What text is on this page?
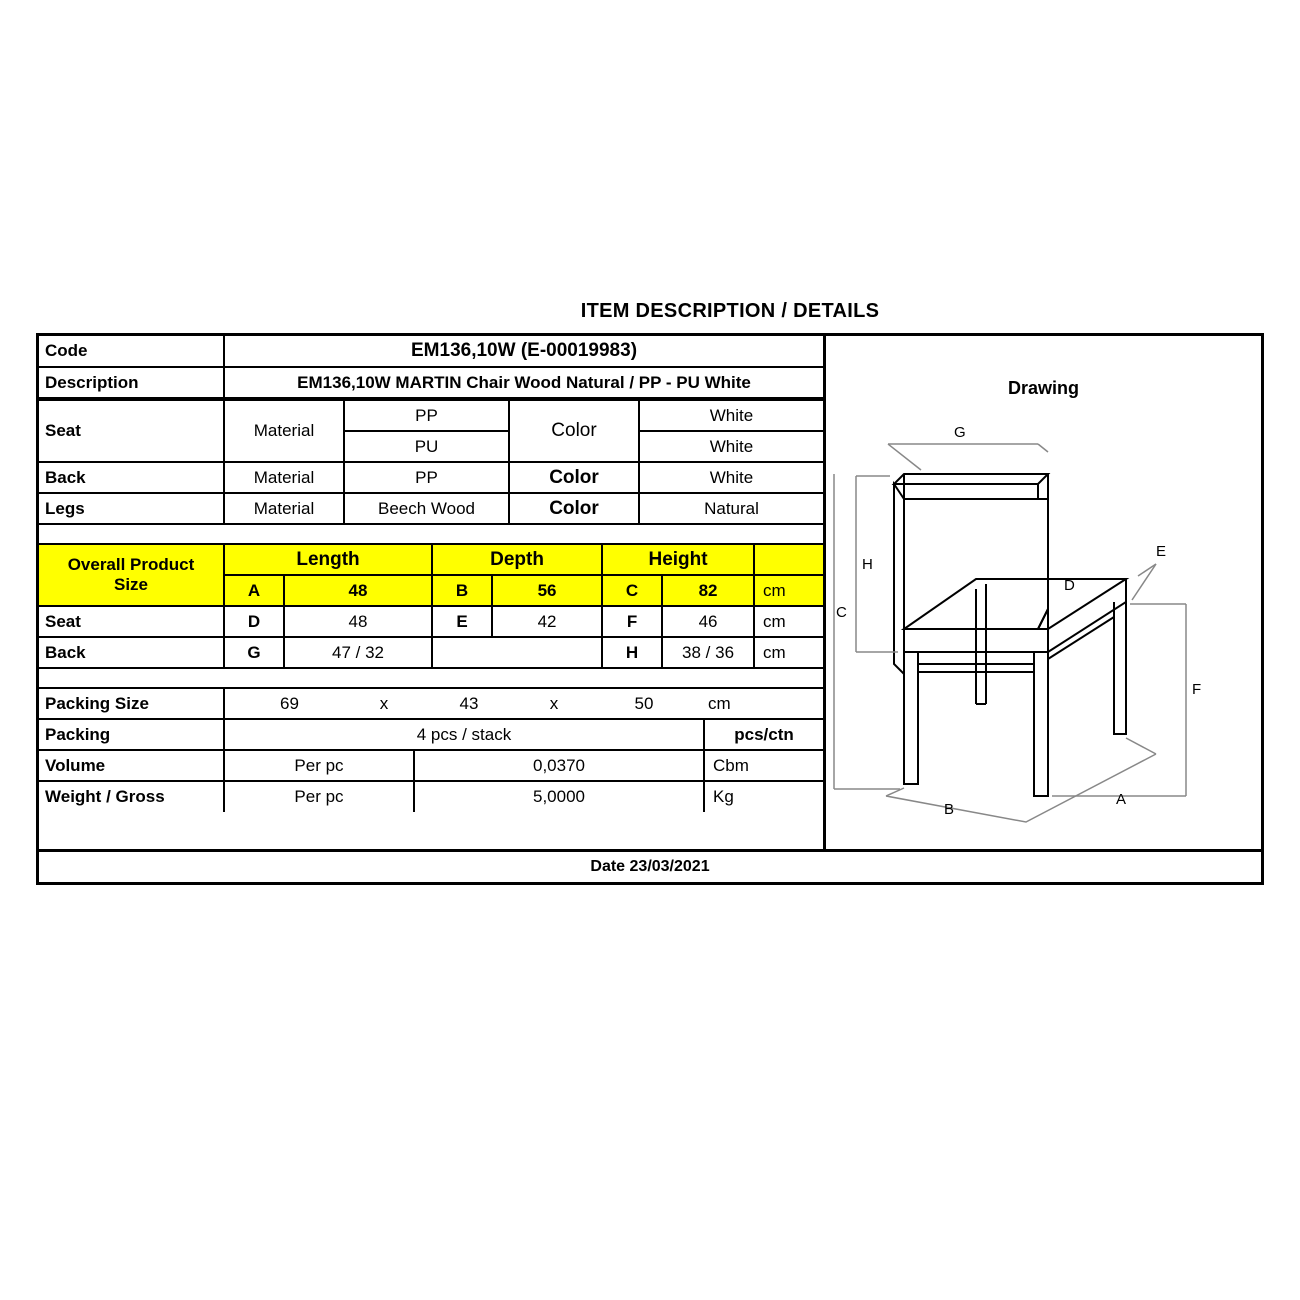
ITEM DESCRIPTION / DETAILS
Code	EM136,10W (E-00019983)
Description	EM136,10W MARTIN Chair Wood Natural / PP - PU White
Seat	Material	PP	Color	White
		PU		White
Back	Material	PP	Color	White
Legs	Material	Beech Wood	Color	Natural
Overall Product
Size	Length		Depth		Height		
	A	48	B	56	C	82	cm
Seat	D	48	E	42	F	46	cm
Back	G	47 / 32			H	38 / 36	cm
Packing Size	69	x	43	x	50	cm
Packing	4 pcs / stack					pcs/ctn
Volume	Per pc		0,0370			Cbm
Weight / Gross	Per pc		5,0000			Kg
Drawing
G
H
C
E
D
F
B
A
Date 23/03/2021
